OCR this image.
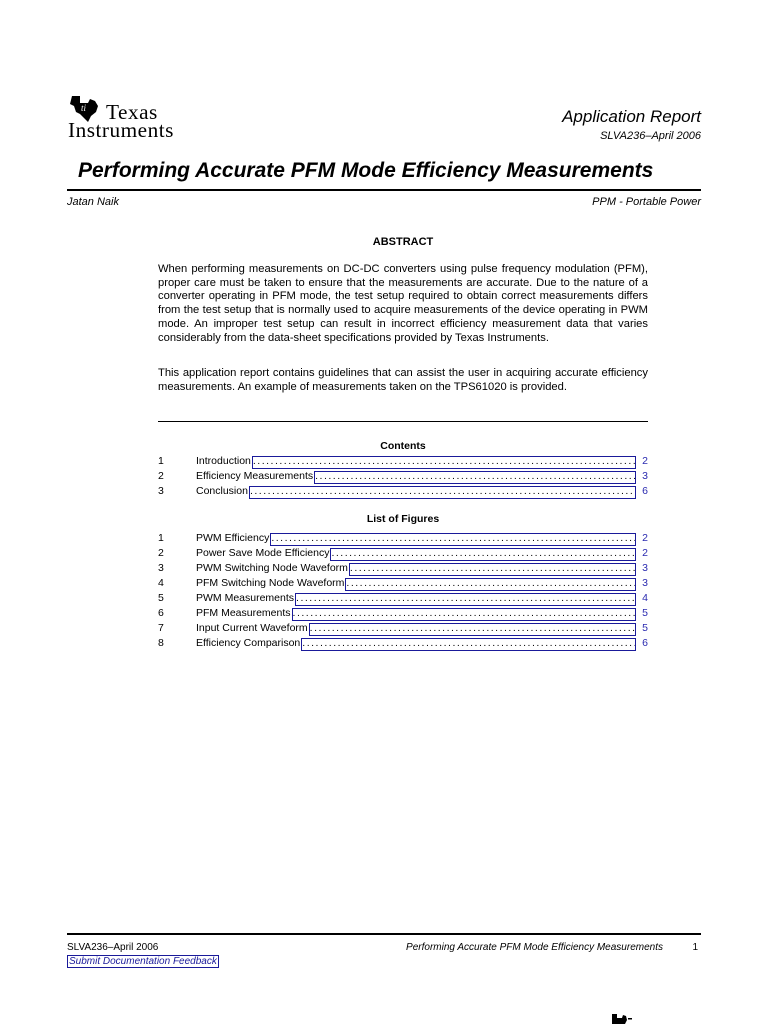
ti Texas
Instruments
Application Report
SLVA236–April 2006
Performing Accurate PFM Mode Efficiency Measurements
Jatan Naik	PPM - Portable Power
ABSTRACT
When performing measurements on DC-DC converters using pulse frequency modulation (PFM), proper care must be taken to ensure that the measurements are accurate. Due to the nature of a converter operating in PFM mode, the test setup required to obtain correct measurements differs from the test setup that is normally used to acquire measurements of the device operating in PWM mode. An improper test setup can result in incorrect efficiency measurement data that varies considerably from the data-sheet specifications provided by Texas Instruments.
This application report contains guidelines that can assist the user in acquiring accurate efficiency measurements. An example of measurements taken on the TPS61020 is provided.
Contents
1	Introduction .....	2
2	Efficiency Measurements .....	3
3	Conclusion .....	6
List of Figures
1	PWM Efficiency .....	2
2	Power Save Mode Efficiency .....	2
3	PWM Switching Node Waveform .....	3
4	PFM Switching Node Waveform .....	3
5	PWM Measurements .....	4
6	PFM Measurements .....	5
7	Input Current Waveform .....	5
8	Efficiency Comparison .....	6
SLVA236–April 2006	Performing Accurate PFM Mode Efficiency Measurements	1
Submit Documentation Feedback
